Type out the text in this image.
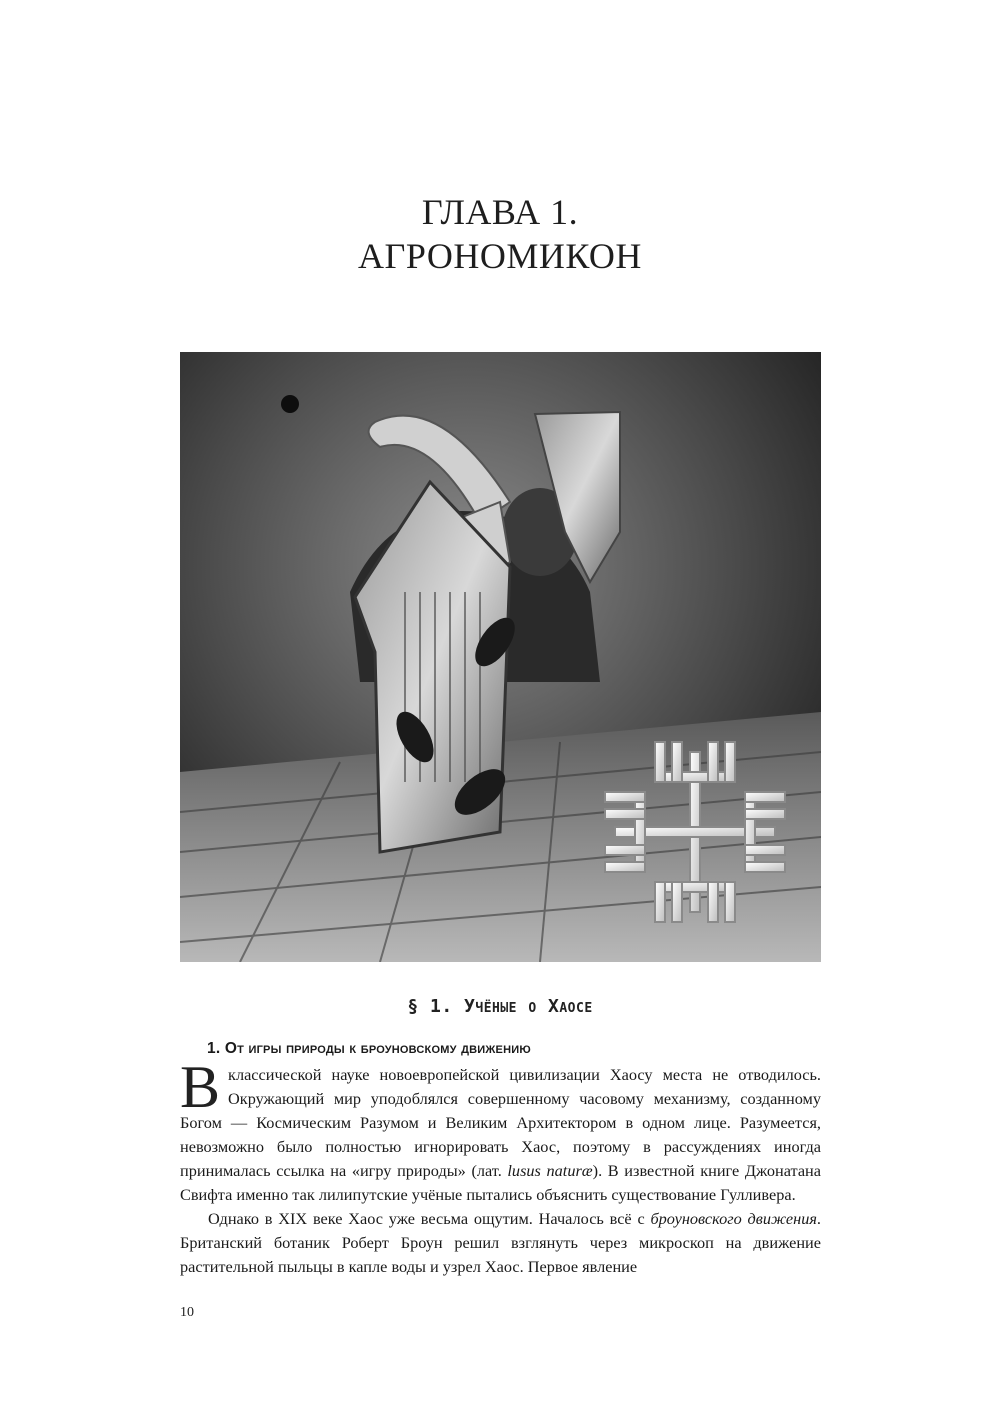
ГЛАВА 1.
АГРОНОМИКОН
§ 1. Учёные о Хаосе
1. От игры природы к броуновскому движению

В классической науке новоевропейской цивилизации Хаосу места не отводилось. Окружающий мир уподоблялся совершенному часовому механизму, созданному Богом — Космическим Разумом и Великим Архитектором в одном лице. Разумеется, невозможно было полностью игнорировать Хаос, поэтому в рассуждениях иногда принималась ссылка на «игру природы» (лат. lusus naturæ). В известной книге Джонатана Свифта именно так лилипутские учёные пытались объяснить существование Гулливера.

Однако в XIX веке Хаос уже весьма ощутим. Началось всё с броуновского движения. Британский ботаник Роберт Броун решил взглянуть через микроскоп на движение растительной пыльцы в капле воды и узрел Хаос. Первое явление

10
